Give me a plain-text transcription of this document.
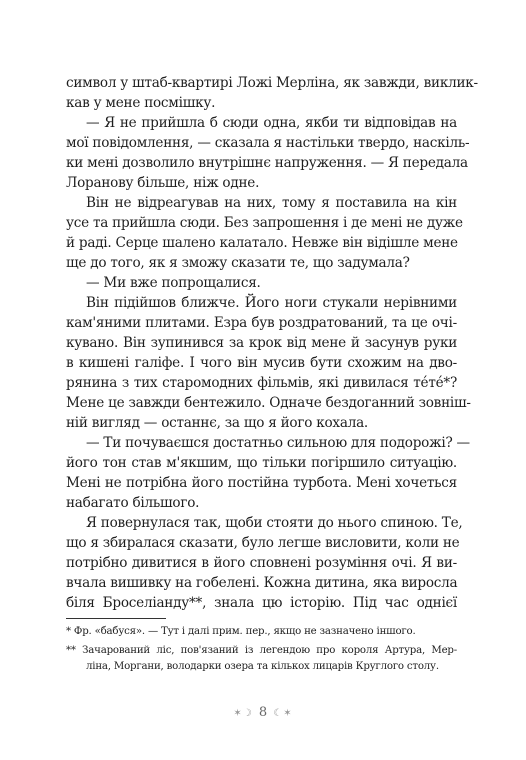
символ у штаб-квартирі Ложі Мерліна, як завжди, виклик-
кав у мене посмішку.
— Я не прийшла б сюди одна, якби ти відповідав на
мої повідомлення, — сказала я настільки твердо, наскіль-
ки мені дозволило внутрішнє напруження. — Я передала
Лоранову більше, ніж одне.
Він не відреагував на них, тому я поставила на кін
усе та прийшла сюди. Без запрошення і де мені не дуже
й раді. Серце шалено калатало. Невже він відішле мене
ще до того, як я зможу сказати те, що задумала?
— Ми вже попрощалися.
Він підійшов ближче. Його ноги стукали нерівними
кам'яними плитами. Езра був роздратований, та це очі-
кувано. Він зупинився за крок від мене й засунув руки
в кишені галіфе. І чого він мусив бути схожим на дво-
рянина з тих старомодних фільмів, які дивилася тéтé*?
Мене це завжди бентежило. Одначе бездоганний зовніш-
ній вигляд — останнє, за що я його кохала.
— Ти почуваєшся достатньо сильною для подорожі? —
його тон став м'якшим, що тільки погіршило ситуацію.
Мені не потрібна його постійна турбота. Мені хочеться
набагато більшого.
Я повернулася так, щоби стояти до нього спиною. Те,
що я збиралася сказати, було легше висловити, коли не
потрібно дивитися в його сповнені розуміння очі. Я ви-
вчала вишивку на гобелені. Кожна дитина, яка виросла
біля Броселіанду**, знала цю історію. Під час однієї
* Фр. «бабуся». — Тут і далі прим. пер., якщо не зазначено іншого.
** Зачарований ліс, пов'язаний із легендою про короля Артура, Мер-
ліна, Моргани, володарки озера та кількох лицарів Круглого столу.
✶☽ 8 ☾✶
